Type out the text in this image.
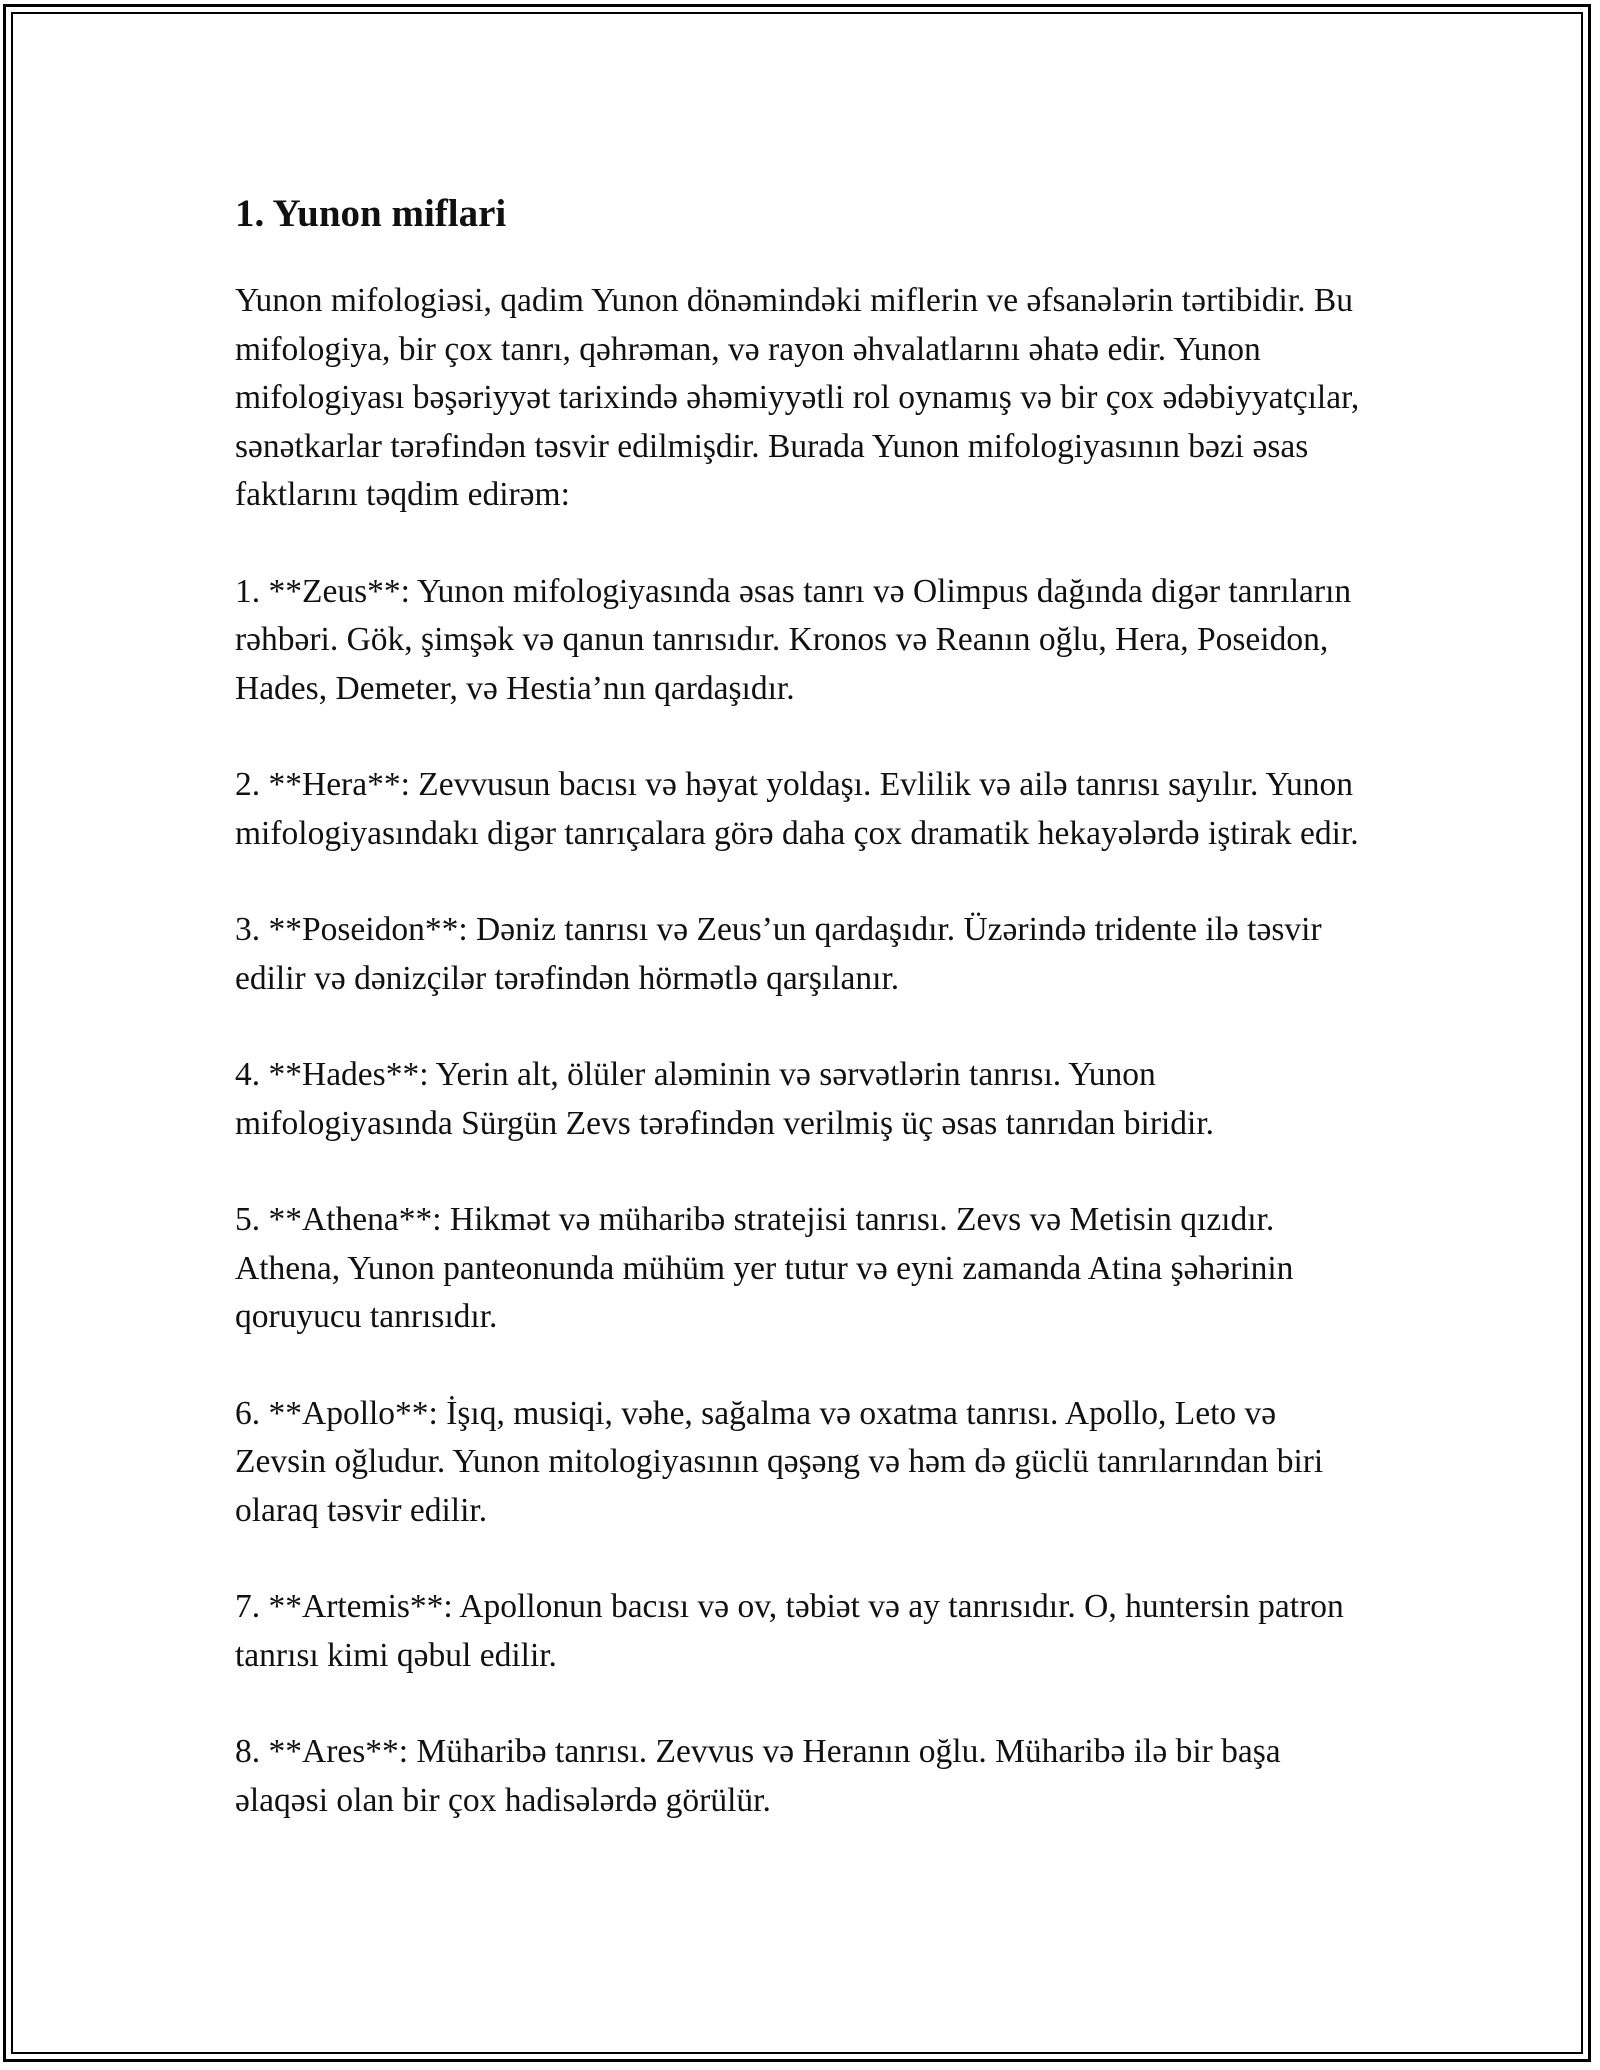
1. Yunon miflari

Yunon mifologiəsi, qadim Yunon dönəmindəki miflerin ve əfsanələrin tərtibidir. Bu mifologiya, bir çox tanrı, qəhrəman, və rayon əhvalatlarını əhatə edir. Yunon mifologiyası bəşəriyyət tarixində əhəmiyyətli rol oynamış və bir çox ədəbiyyatçılar, sənətkarlar tərəfindən təsvir edilmişdir. Burada Yunon mifologiyasının bəzi əsas faktlarını təqdim edirəm:

1. **Zeus**: Yunon mifologiyasında əsas tanrı və Olimpus dağında digər tanrıların rəhbəri. Gök, şimşək və qanun tanrısıdır. Kronos və Reanın oğlu, Hera, Poseidon, Hades, Demeter, və Hestia’nın qardaşıdır.

2. **Hera**: Zevvusun bacısı və həyat yoldaşı. Evlilik və ailə tanrısı sayılır. Yunon mifologiyasındakı digər tanrıçalara görə daha çox dramatik hekayələrdə iştirak edir.

3. **Poseidon**: Dəniz tanrısı və Zeus’un qardaşıdır. Üzərində tridente ilə təsvir edilir və dənizçilər tərəfindən hörmətlə qarşılanır.

4. **Hades**: Yerin alt, ölüler aləminin və sərvətlərin tanrısı. Yunon mifologiyasında Sürgün Zevs tərəfindən verilmiş üç əsas tanrıdan biridir.

5. **Athena**: Hikmət və müharibə stratejisi tanrısı. Zevs və Metisin qızıdır. Athena, Yunon panteonunda mühüm yer tutur və eyni zamanda Atina şəhərinin qoruyucu tanrısıdır.

6. **Apollo**: İşıq, musiqi, vəhe, sağalma və oxatma tanrısı. Apollo, Leto və Zevsin oğludur. Yunon mitologiyasının qəşəng və həm də güclü tanrılarından biri olaraq təsvir edilir.

7. **Artemis**: Apollonun bacısı və ov, təbiət və ay tanrısıdır. O, huntersin patron tanrısı kimi qəbul edilir.

8. **Ares**: Müharibə tanrısı. Zevvus və Heranın oğlu. Müharibə ilə bir başa əlaqəsi olan bir çox hadisələrdə görülür.
